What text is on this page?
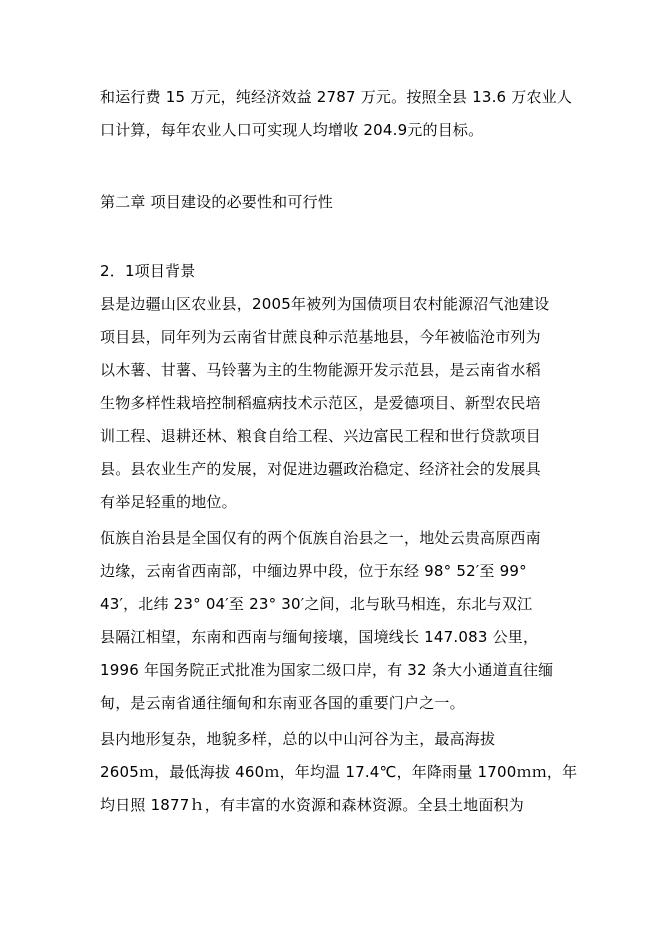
和运行费 15 万元，纯经济效益 2787 万元。按照全县 13.6 万农业人
口计算，每年农业人口可实现人均增收 204.9元的目标。
第二章 项目建设的必要性和可行性
2．1项目背景
县是边疆山区农业县，2005年被列为国债项目农村能源沼气池建设
项目县，同年列为云南省甘蔗良种示范基地县，今年被临沧市列为
以木薯、甘薯、马铃薯为主的生物能源开发示范县，是云南省水稻
生物多样性栽培控制稻瘟病技术示范区，是爱德项目、新型农民培
训工程、退耕还林、粮食自给工程、兴边富民工程和世行贷款项目
县。县农业生产的发展，对促进边疆政治稳定、经济社会的发展具
有举足轻重的地位。
佤族自治县是全国仅有的两个佤族自治县之一，地处云贵高原西南
边缘，云南省西南部，中缅边界中段，位于东经 98° 52′至 99°
43′，北纬 23° 04′至 23° 30′之间，北与耿马相连，东北与双江
县隔江相望，东南和西南与缅甸接壤，国境线长 147.083 公里，
1996 年国务院正式批准为国家二级口岸，有 32 条大小通道直往缅
甸，是云南省通往缅甸和东南亚各国的重要门户之一。
县内地形复杂，地貌多样，总的以中山河谷为主，最高海拔
2605ｍ，最低海拔 460ｍ，年均温 17.4℃，年降雨量 1700ｍｍ，年
均日照 1877ｈ，有丰富的水资源和森林资源。全县土地面积为
